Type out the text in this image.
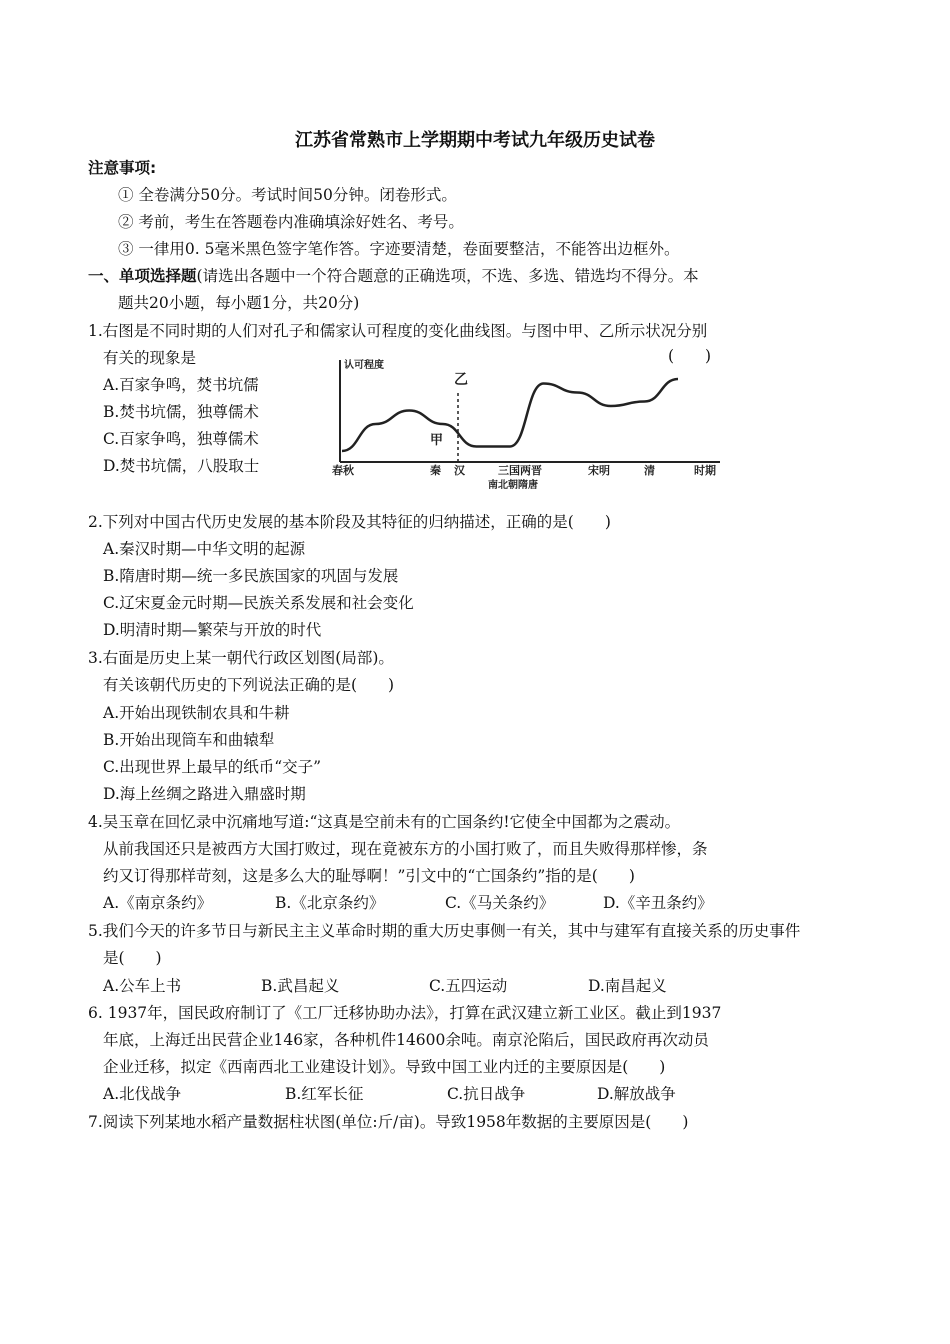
江苏省常熟市上学期期中考试九年级历史试卷
注意事项:
① 全卷满分50分。考试时间50分钟。闭卷形式。
② 考前，考生在答题卷内准确填涂好姓名、考号。
③ 一律用0. 5毫米黑色签字笔作答。字迹要清楚，卷面要整洁，不能答出边框外。
一、单项选择题(请选出各题中一个符合题意的正确选项，不选、多选、错选均不得分。本
题共20小题，每小题1分，共20分)
1.右图是不同时期的人们对孔子和儒家认可程度的变化曲线图。与图中甲、乙所示状况分别
有关的现象是	(　　)
A.百家争鸣，焚书坑儒
B.焚书坑儒，独尊儒术
C.百家争鸣，独尊儒术
D.焚书坑儒，八股取士
认可程度
时期
甲
乙
春秋	秦 汉	三国两晋
南北朝隋唐
宋明	清
2.下列对中国古代历史发展的基本阶段及其特征的归纳描述，正确的是(　　)
A.秦汉时期—中华文明的起源
B.隋唐时期—统一多民族国家的巩固与发展
C.辽宋夏金元时期—民族关系发展和社会变化
D.明清时期—繁荣与开放的时代
3.右面是历史上某一朝代行政区划图(局部)。
有关该朝代历史的下列说法正确的是(　　)
A.开始出现铁制农具和牛耕
B.开始出现筒车和曲辕犁
C.出现世界上最早的纸币“交子”
D.海上丝绸之路进入鼎盛时期
4.吴玉章在回忆录中沉痛地写道:“这真是空前未有的亡国条约!它使全中国都为之震动。
从前我国还只是被西方大国打败过，现在竟被东方的小国打败了，而且失败得那样惨，条
约又订得那样苛刻，这是多么大的耻辱啊！”引文中的“亡国条约”指的是(　　)
A.《南京条约》	B.《北京条约》	C.《马关条约》	D.《辛丑条约》
5.我们今天的许多节日与新民主主义革命时期的重大历史事侧一有关，其中与建军有直接关系的历史事件
是(　　)
A.公车上书	B.武昌起义	C.五四运动	D.南昌起义
6. 1937年，国民政府制订了《工厂迁移协助办法》，打算在武汉建立新工业区。截止到1937
年底，上海迁出民营企业146家，各种机件14600余吨。南京沦陷后，国民政府再次动员
企业迁移，拟定《西南西北工业建设计划》。导致中国工业内迁的主要原因是(　　)
A.北伐战争	B.红军长征	C.抗日战争	D.解放战争
7.阅读下列某地水稻产量数据柱状图(单位:斤/亩)。导致1958年数据的主要原因是(　　)
